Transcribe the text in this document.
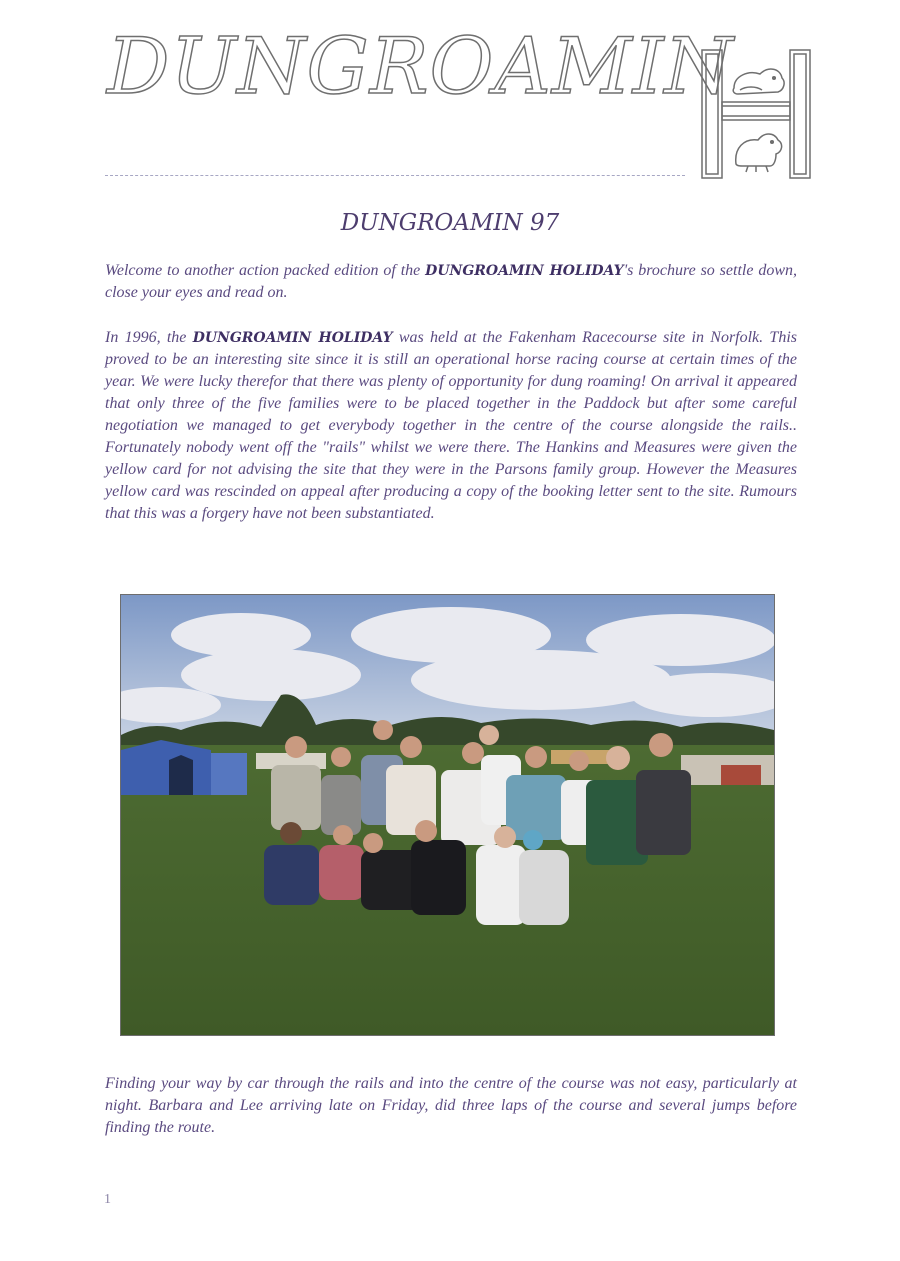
DUNGROAMIN
DUNGROAMIN 97

Welcome to another action packed edition of the DUNGROAMIN HOLIDAY's brochure so settle down, close your eyes and read on.

In 1996, the DUNGROAMIN HOLIDAY was held at the Fakenham Racecourse site in Norfolk. This proved to be an interesting site since it is still an operational horse racing course at certain times of the year. We were lucky therefor that there was plenty of opportunity for dung roaming! On arrival it appeared that only three of the five families were to be placed together in the Paddock but after some careful negotiation we managed to get everybody together in the centre of the course alongside the rails.. Fortunately nobody went off the "rails" whilst we were there. The Hankins and Measures were given the yellow card for not advising the site that they were in the Parsons family group. However the Measures yellow card was rescinded on appeal after producing a copy of the booking letter sent to the site. Rumours that this was a forgery have not been substantiated.

Finding your way by car through the rails and into the centre of the course was not easy, particularly at night. Barbara and Lee arriving late on Friday, did three laps of the course and several jumps before finding the route.

1
